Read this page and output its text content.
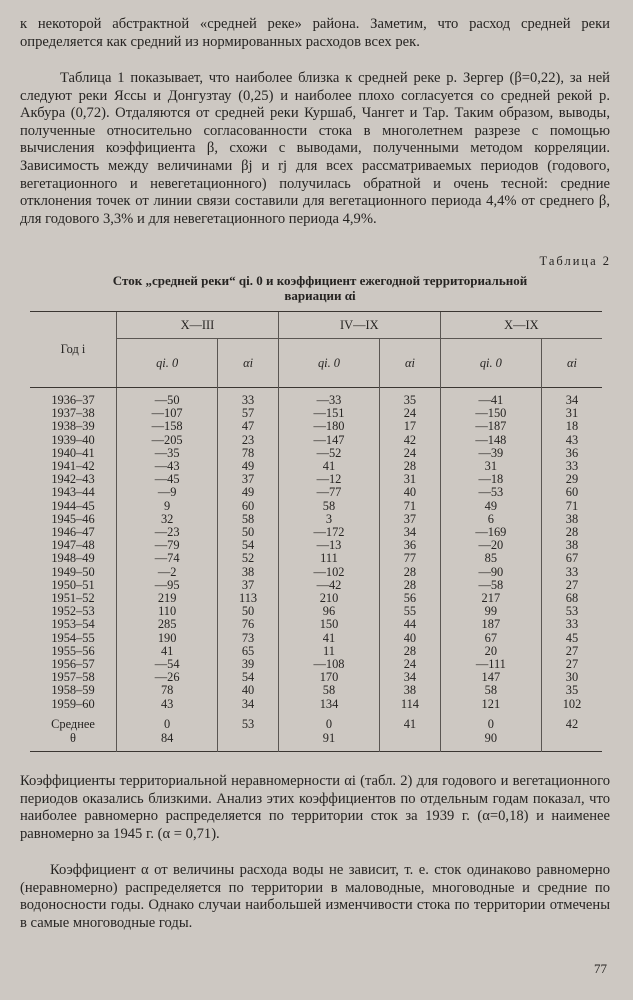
к некоторой абстрактной «средней реке» района. Заметим, что расход средней реки определяется как средний из нормированных расходов всех рек.

Таблица 1 показывает, что наиболее близка к средней реке р. Зергер (β=0,22), за ней следуют реки Яссы и Донгузтау (0,25) и наиболее плохо согласуется со средней рекой р. Акбура (0,72). Отдаляются от средней реки Куршаб, Чангет и Тар. Таким образом, выводы, полученные относительно согласованности стока в многолетнем разрезе с помощью вычисления коэффициента β, схожи с выводами, полученными методом корреляции. Зависимость между величинами βj и rj для всех рассматриваемых периодов (годового, вегетационного и невегетационного) получилась обратной и очень тесной: средние отклонения точек от линии связи составили для вегетационного периода 4,4% от среднего β, для годового 3,3% и для невегетационного периода 4,9%.

Таблица 2
Сток „средней реки“ qi. 0 и коэффициент ежегодной территориальной
вариации αi
Год i	X—III		IV—IX		X—IX	
	qi. 0	αi	qi. 0	αi	qi. 0	αi

1936–37	—50	33	—33	35	—41	34
1937–38	—107	57	—151	24	—150	31
1938–39	—158	47	—180	17	—187	18
1939–40	—205	23	—147	42	—148	43
1940–41	—35	78	—52	24	—39	36
1941–42	—43	49	41	28	31	33
1942–43	—45	37	—12	31	—18	29
1943–44	—9	49	—77	40	—53	60
1944–45	9	60	58	71	49	71
1945–46	32	58	3	37	6	38
1946–47	—23	50	—172	34	—169	28
1947–48	—79	54	—13	36	—20	38
1948–49	—74	52	111	77	85	67
1949–50	—2	38	—102	28	—90	33
1950–51	—95	37	—42	28	—58	27
1951–52	219	113	210	56	217	68
1952–53	110	50	96	55	99	53
1953–54	285	76	150	44	187	33
1954–55	190	73	41	40	67	45
1955–56	41	65	11	28	20	27
1956–57	—54	39	—108	24	—111	27
1957–58	—26	54	170	34	147	30
1958–59	78	40	58	38	58	35
1959–60	43	34	134	114	121	102

Среднее	0	53	0	41	0	42
θ	84		91		90	

Коэффициенты территориальной неравномерности αi (табл. 2) для годового и вегетационного периодов оказались близкими. Анализ этих коэффициентов по отдельным годам показал, что наиболее равномерно распределяется по территории сток за 1939 г. (α=0,18) и наименее равномерно за 1945 г. (α = 0,71).

Коэффициент α от величины расхода воды не зависит, т. е. сток одинаково равномерно (неравномерно) распределяется по территории в маловодные, многоводные и средние по водоносности годы. Однако случаи наибольшей изменчивости стока по территории отмечены в самые многоводные годы.

77
